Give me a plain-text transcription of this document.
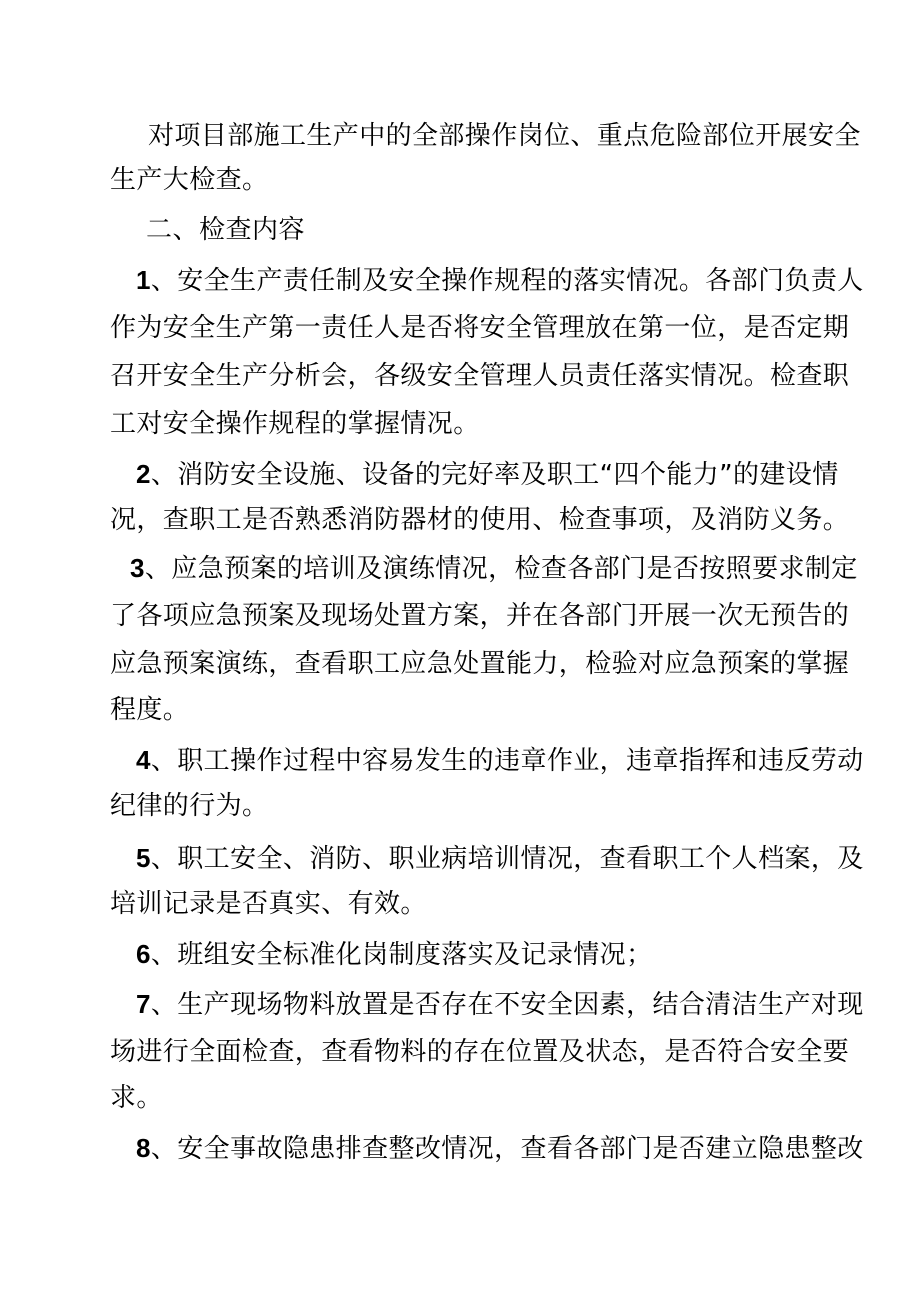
对项目部施工生产中的全部操作岗位、重点危险部位开展安全
生产大检查。
二、检查内容
1、安全生产责任制及安全操作规程的落实情况。各部门负责人
作为安全生产第一责任人是否将安全管理放在第一位，是否定期
召开安全生产分析会，各级安全管理人员责任落实情况。检查职
工对安全操作规程的掌握情况。
2、消防安全设施、设备的完好率及职工“四个能力”的建设情
况，查职工是否熟悉消防器材的使用、检查事项，及消防义务。
3、应急预案的培训及演练情况，检查各部门是否按照要求制定
了各项应急预案及现场处置方案，并在各部门开展一次无预告的
应急预案演练，查看职工应急处置能力，检验对应急预案的掌握
程度。
4、职工操作过程中容易发生的违章作业，违章指挥和违反劳动
纪律的行为。
5、职工安全、消防、职业病培训情况，查看职工个人档案，及
培训记录是否真实、有效。
6、班组安全标准化岗制度落实及记录情况；
7、生产现场物料放置是否存在不安全因素，结合清洁生产对现
场进行全面检查，查看物料的存在位置及状态，是否符合安全要
求。
8、安全事故隐患排查整改情况，查看各部门是否建立隐患整改
